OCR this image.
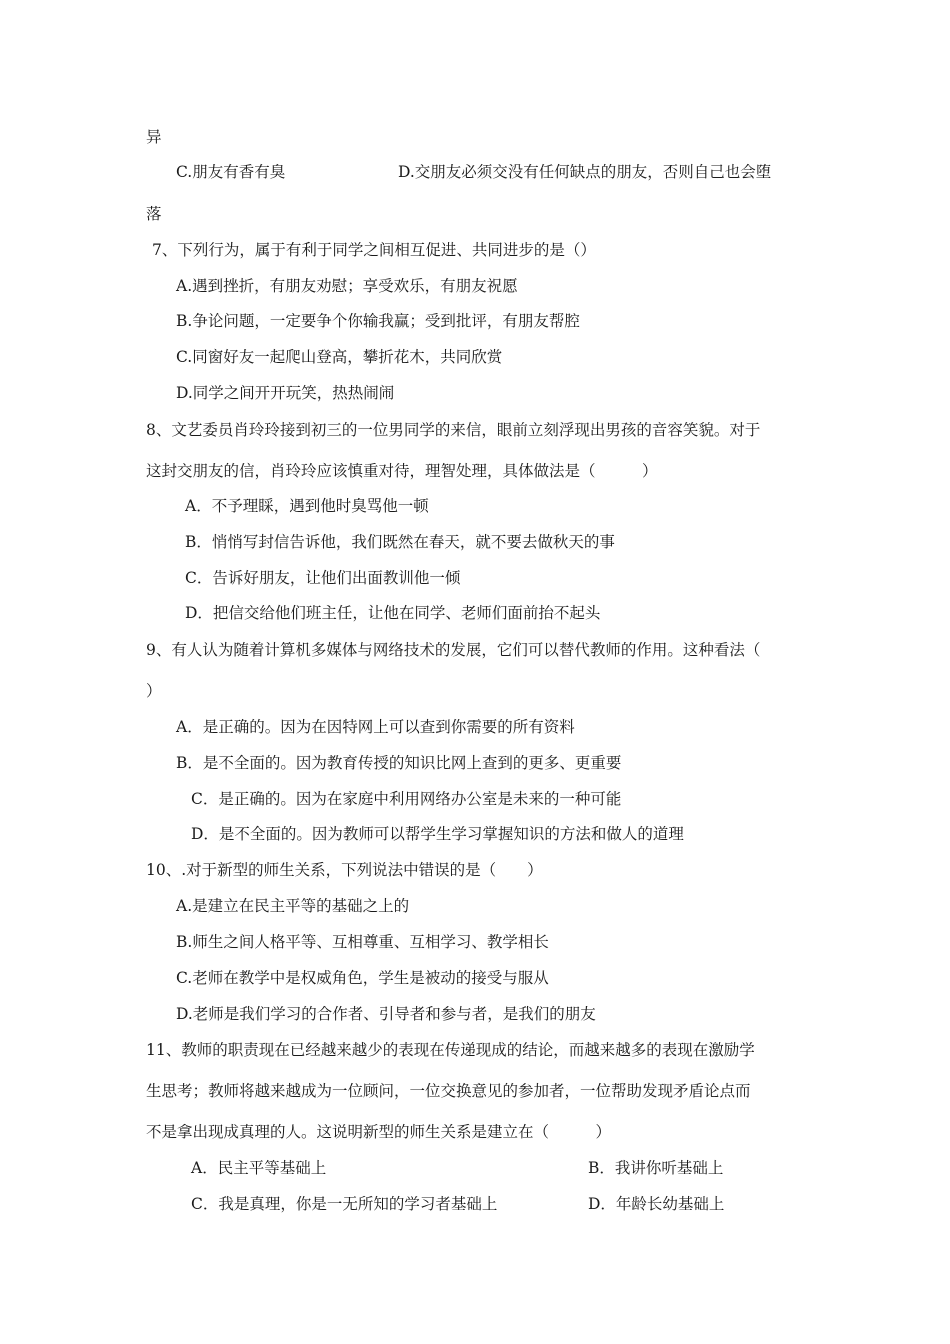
异
C.朋友有香有臭	D.交朋友必须交没有任何缺点的朋友，否则自己也会堕
落
7、下列行为，属于有利于同学之间相互促进、共同进步的是（）
A.遇到挫折，有朋友劝慰；享受欢乐，有朋友祝愿
B.争论问题，一定要争个你输我赢；受到批评，有朋友帮腔
C.同窗好友一起爬山登高，攀折花木，共同欣赏
D.同学之间开开玩笑，热热闹闹
8、文艺委员肖玲玲接到初三的一位男同学的来信，眼前立刻浮现出男孩的音容笑貌。对于
这封交朋友的信，肖玲玲应该慎重对待，理智处理，具体做法是（　　　）
A．不予理睬，遇到他时臭骂他一顿
B．悄悄写封信告诉他，我们既然在春天，就不要去做秋天的事
C．告诉好朋友，让他们出面教训他一倾
D．把信交给他们班主任，让他在同学、老师们面前抬不起头
9、有人认为随着计算机多媒体与网络技术的发展，它们可以替代教师的作用。这种看法（
）
A．是正确的。因为在因特网上可以查到你需要的所有资料
B．是不全面的。因为教育传授的知识比网上查到的更多、更重要
C．是正确的。因为在家庭中利用网络办公室是未来的一种可能
D．是不全面的。因为教师可以帮学生学习掌握知识的方法和做人的道理
10、.对于新型的师生关系，下列说法中错误的是（　　）
A.是建立在民主平等的基础之上的
B.师生之间人格平等、互相尊重、互相学习、教学相长
C.老师在教学中是权威角色，学生是被动的接受与服从
D.老师是我们学习的合作者、引导者和参与者，是我们的朋友
11、教师的职责现在已经越来越少的表现在传递现成的结论，而越来越多的表现在激励学
生思考；教师将越来越成为一位顾问，一位交换意见的参加者，一位帮助发现矛盾论点而
不是拿出现成真理的人。这说明新型的师生关系是建立在（　　　）
A．民主平等基础上	B．我讲你听基础上
C．我是真理，你是一无所知的学习者基础上	D．年龄长幼基础上
